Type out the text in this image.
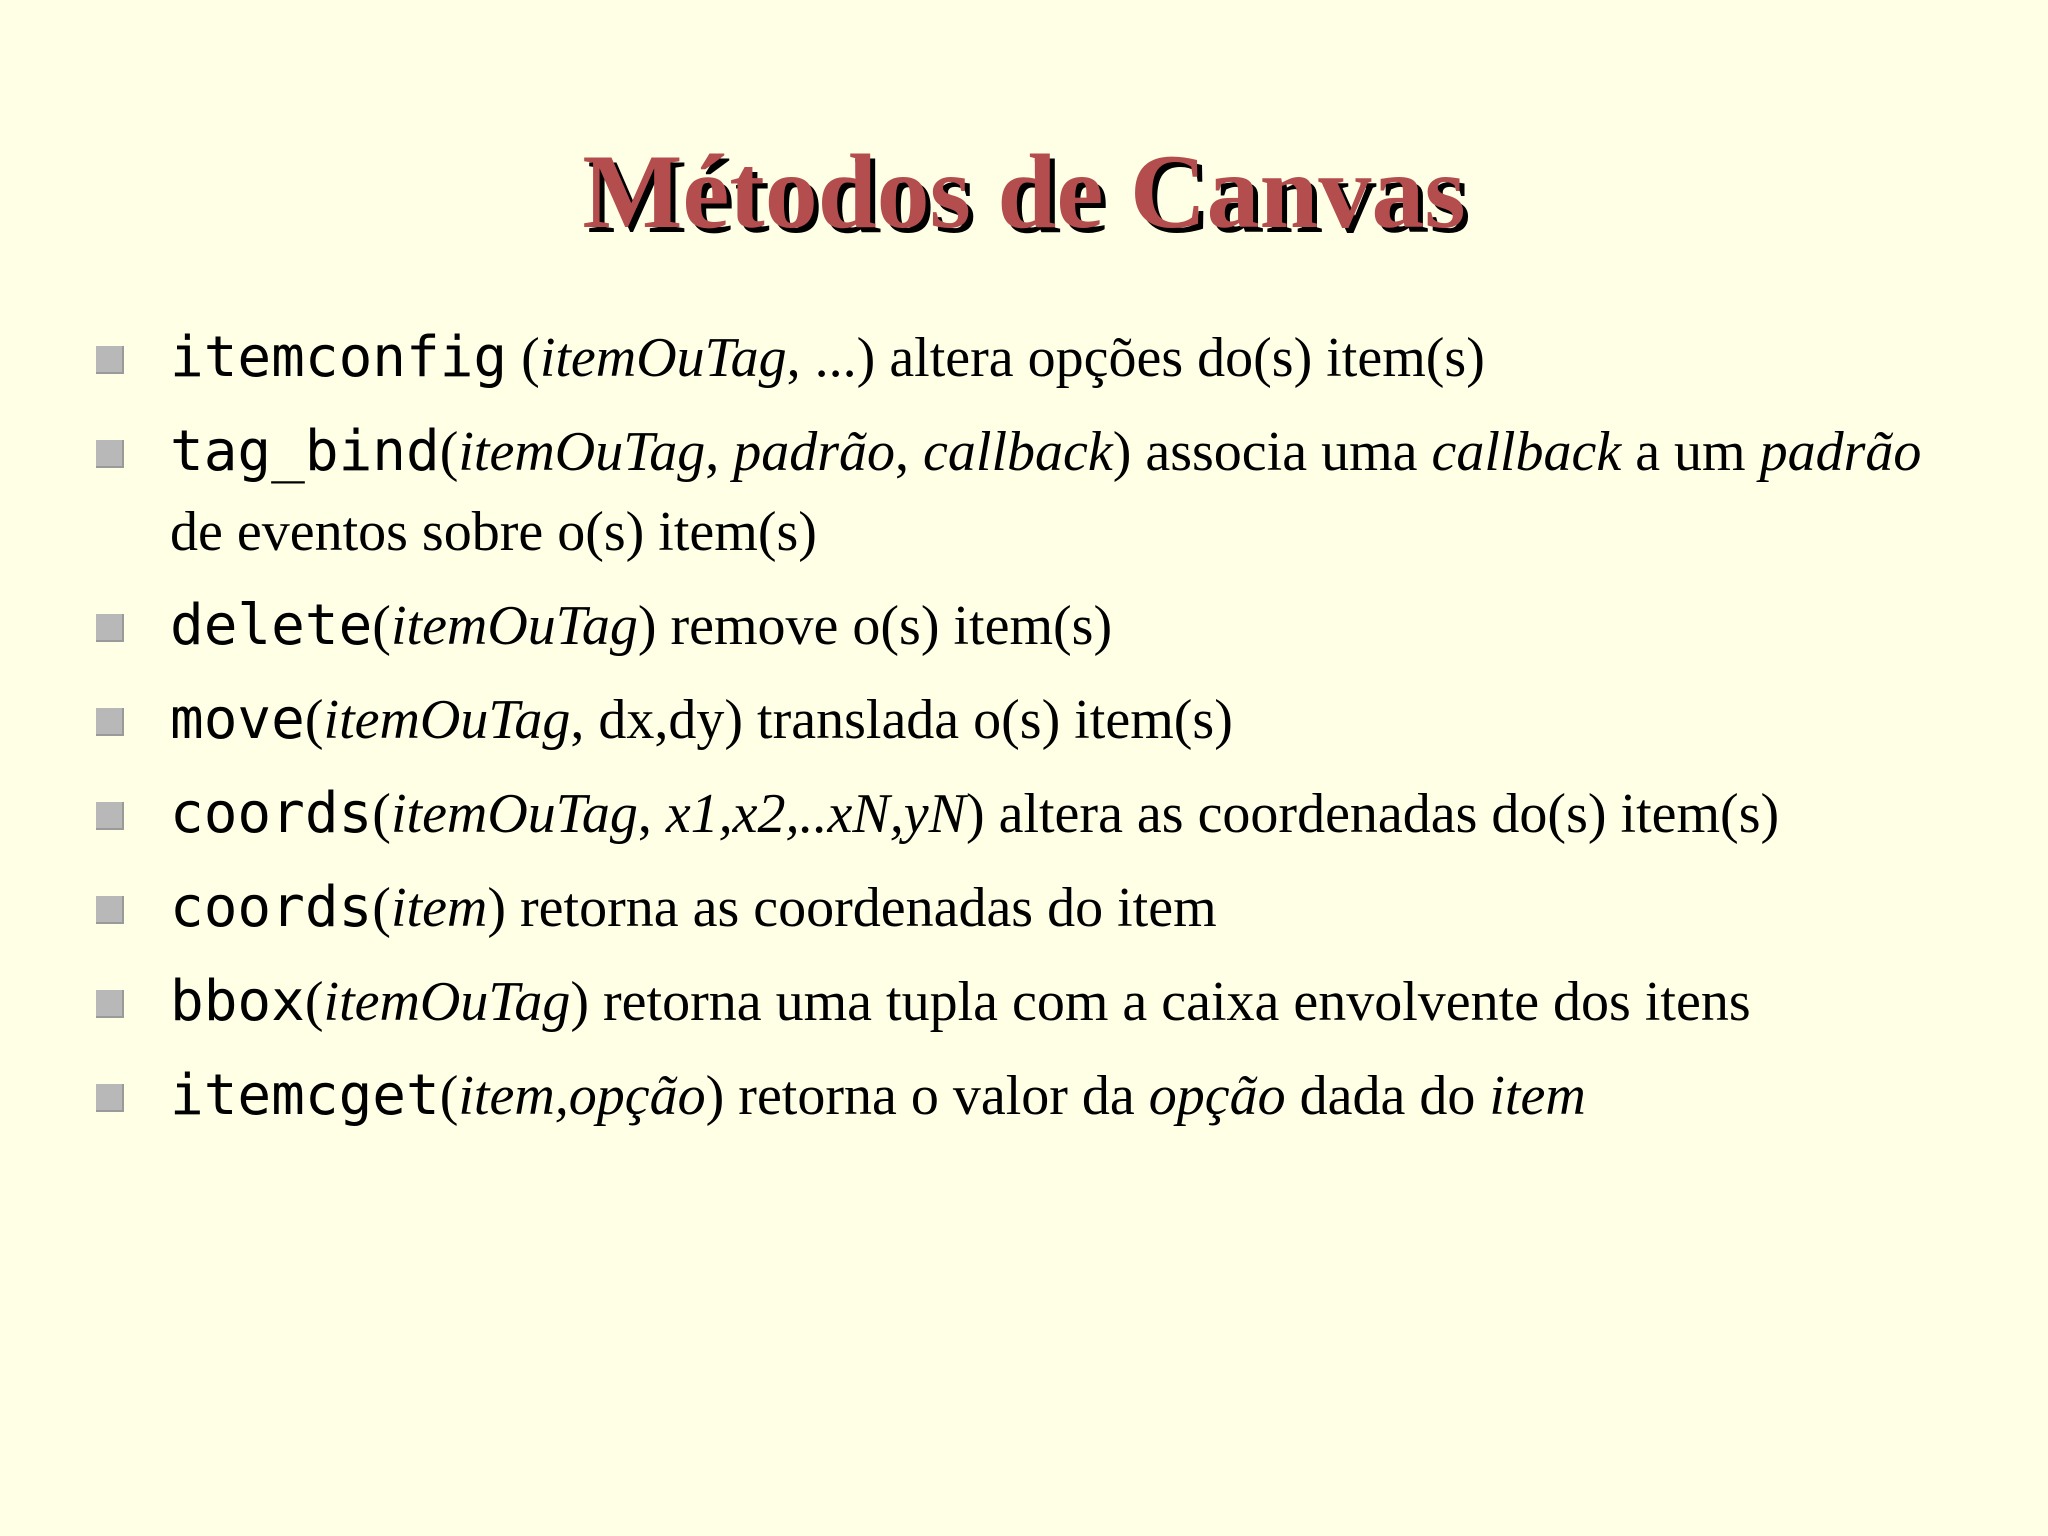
Métodos de Canvas
itemconfig (itemOuTag, ...) altera opções do(s) item(s)
tag_bind(itemOuTag, padrão, callback) associa uma callback a um padrão de eventos sobre o(s) item(s)
delete(itemOuTag) remove o(s) item(s)
move(itemOuTag, dx,dy) translada o(s) item(s)
coords(itemOuTag, x1,x2,..xN,yN) altera as coordenadas do(s) item(s)
coords(item) retorna as coordenadas do item
bbox(itemOuTag) retorna uma tupla com a caixa envolvente dos itens
itemcget(item,opção) retorna o valor da opção dada do item
